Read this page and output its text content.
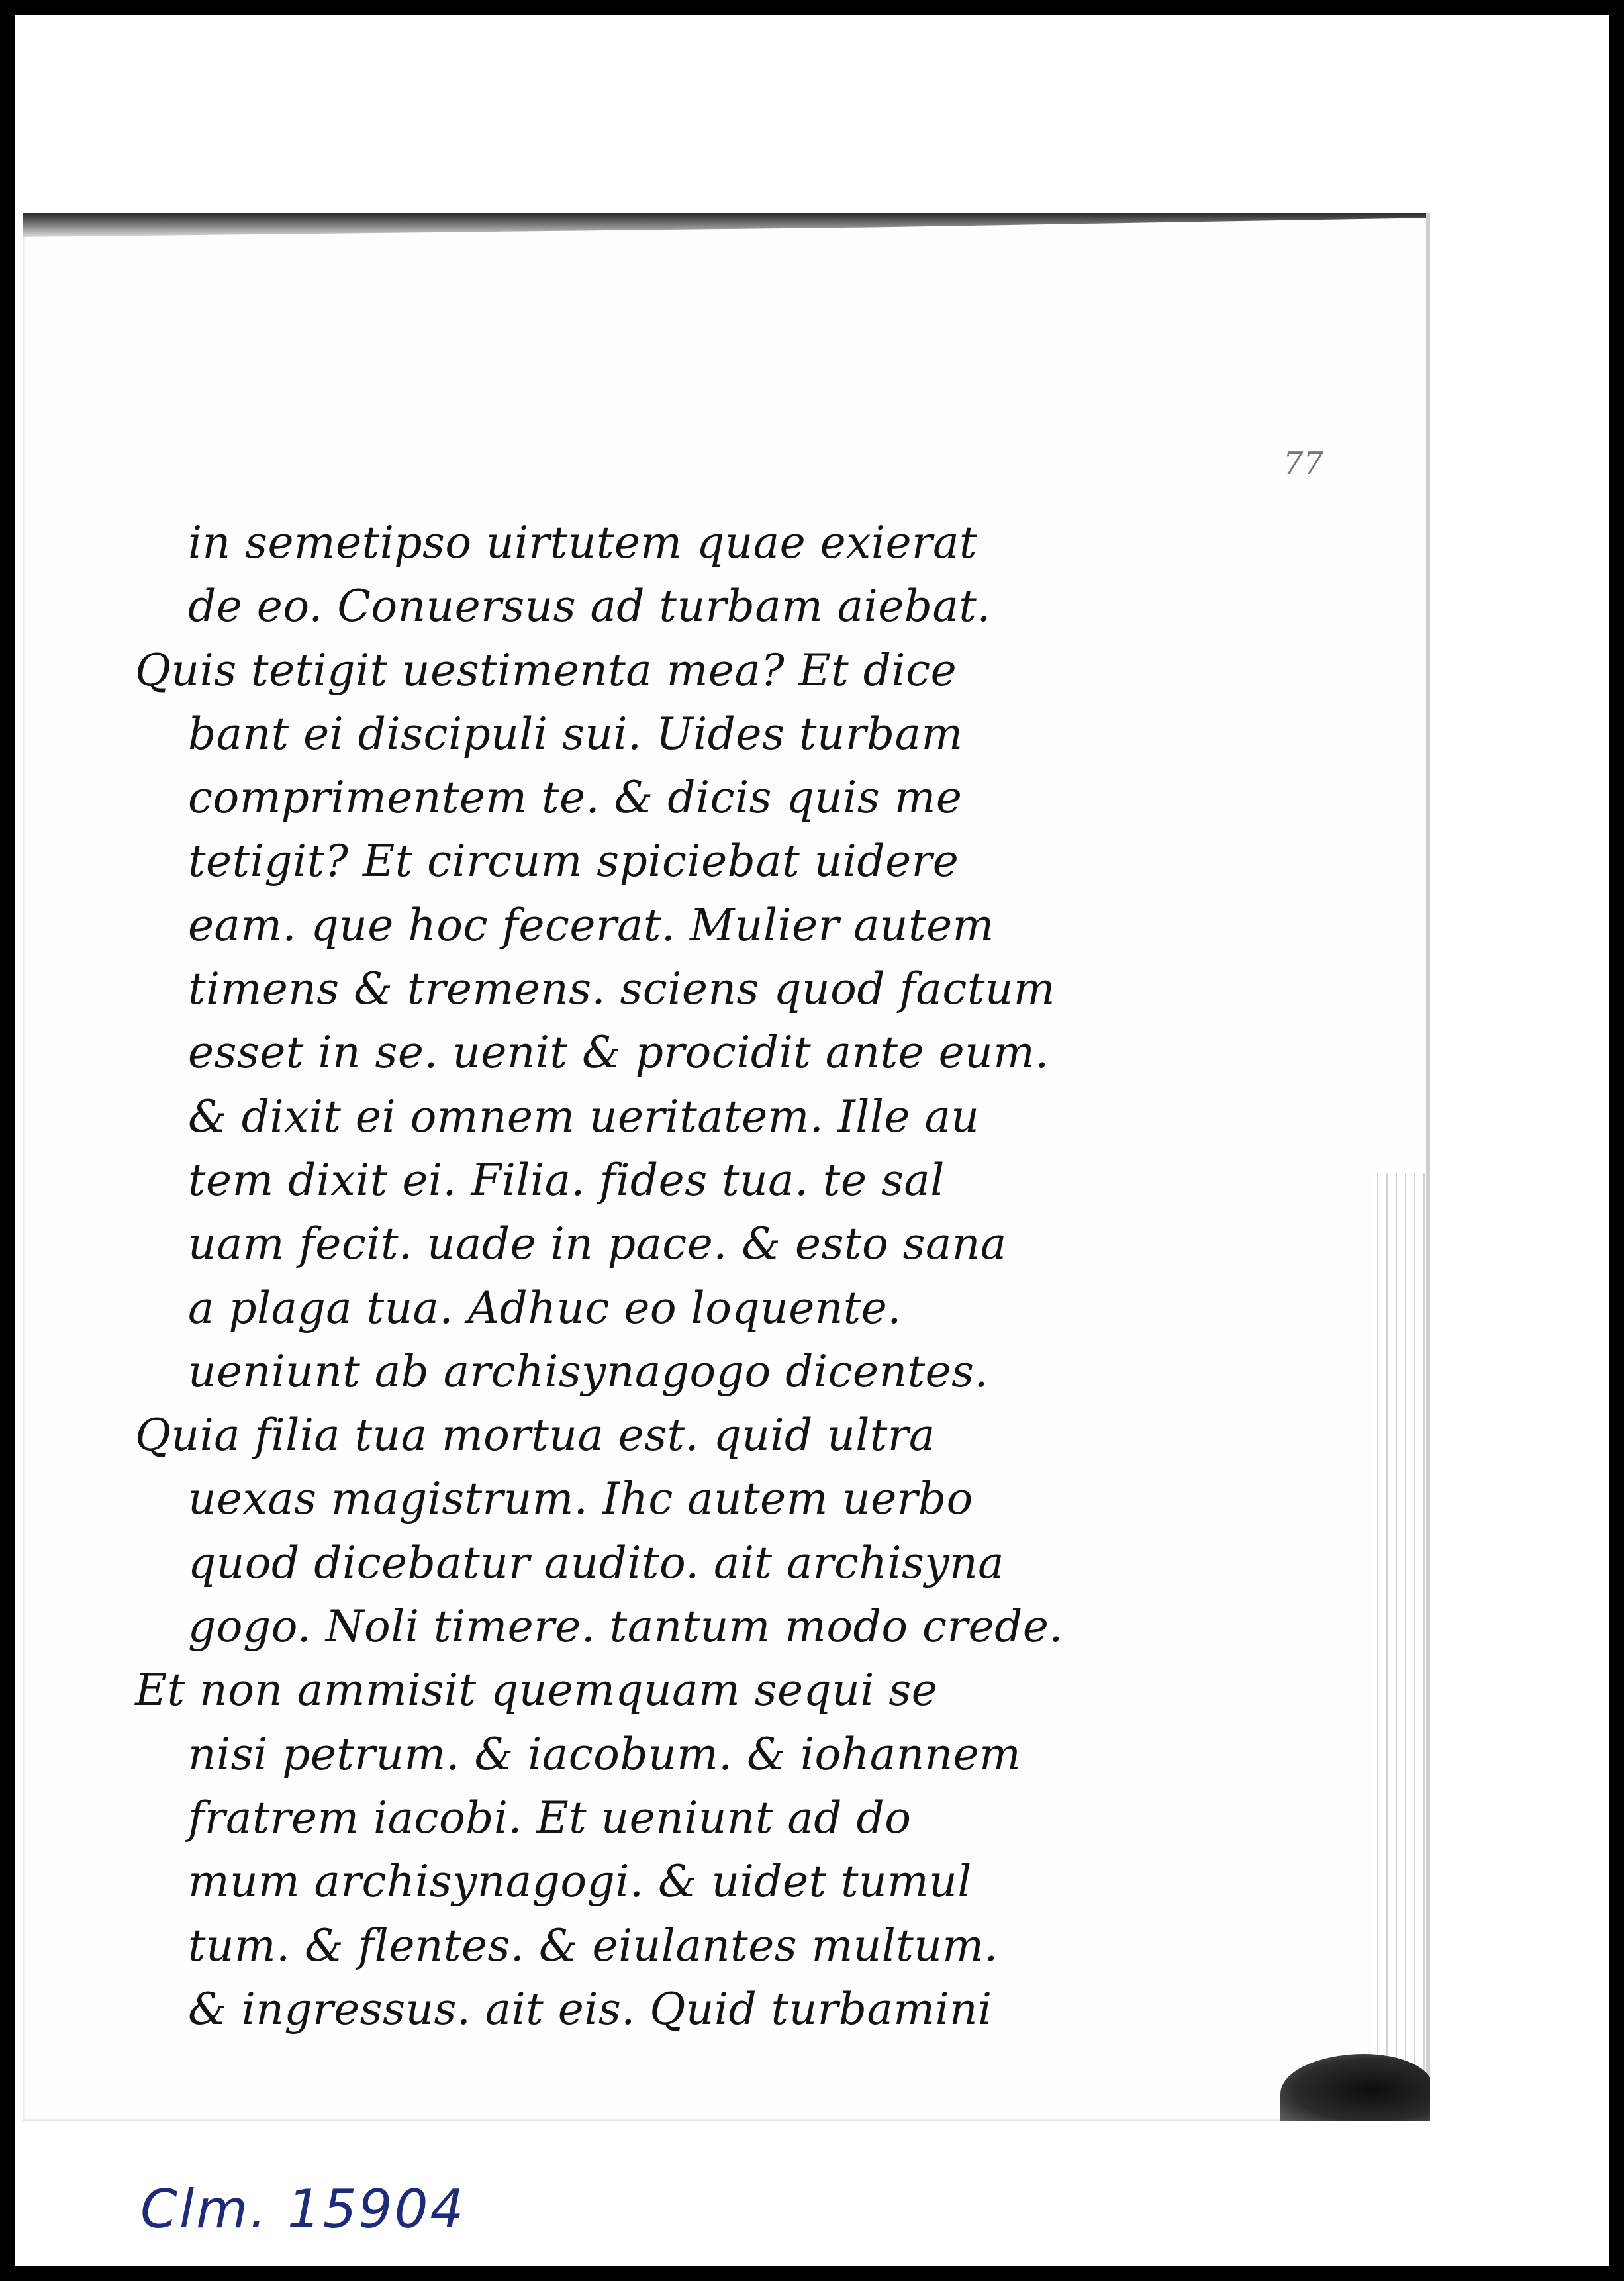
77
in semetipso uirtutem quae exierat
de eo. Conuersus ad turbam aiebat.
Quis tetigit uestimenta mea? Et dice
bant ei discipuli sui. Uides turbam
comprimentem te. & dicis quis me
tetigit? Et circum spiciebat uidere
eam. que hoc fecerat. Mulier autem
timens & tremens. sciens quod factum
esset in se. uenit & procidit ante eum.
& dixit ei omnem ueritatem. Ille au
tem dixit ei. Filia. fides tua. te sal
uam fecit. uade in pace. & esto sana
a plaga tua. Adhuc eo loquente.
ueniunt ab archisynagogo dicentes.
Quia filia tua mortua est. quid ultra
uexas magistrum. Ihc autem uerbo
quod dicebatur audito. ait archisyna
gogo. Noli timere. tantum modo crede.
Et non ammisit quemquam sequi se
nisi petrum. & iacobum. & iohannem
fratrem iacobi. Et ueniunt ad do
mum archisynagogi. & uidet tumul
tum. & flentes. & eiulantes multum.
& ingressus. ait eis. Quid turbamini
Clm. 15904
